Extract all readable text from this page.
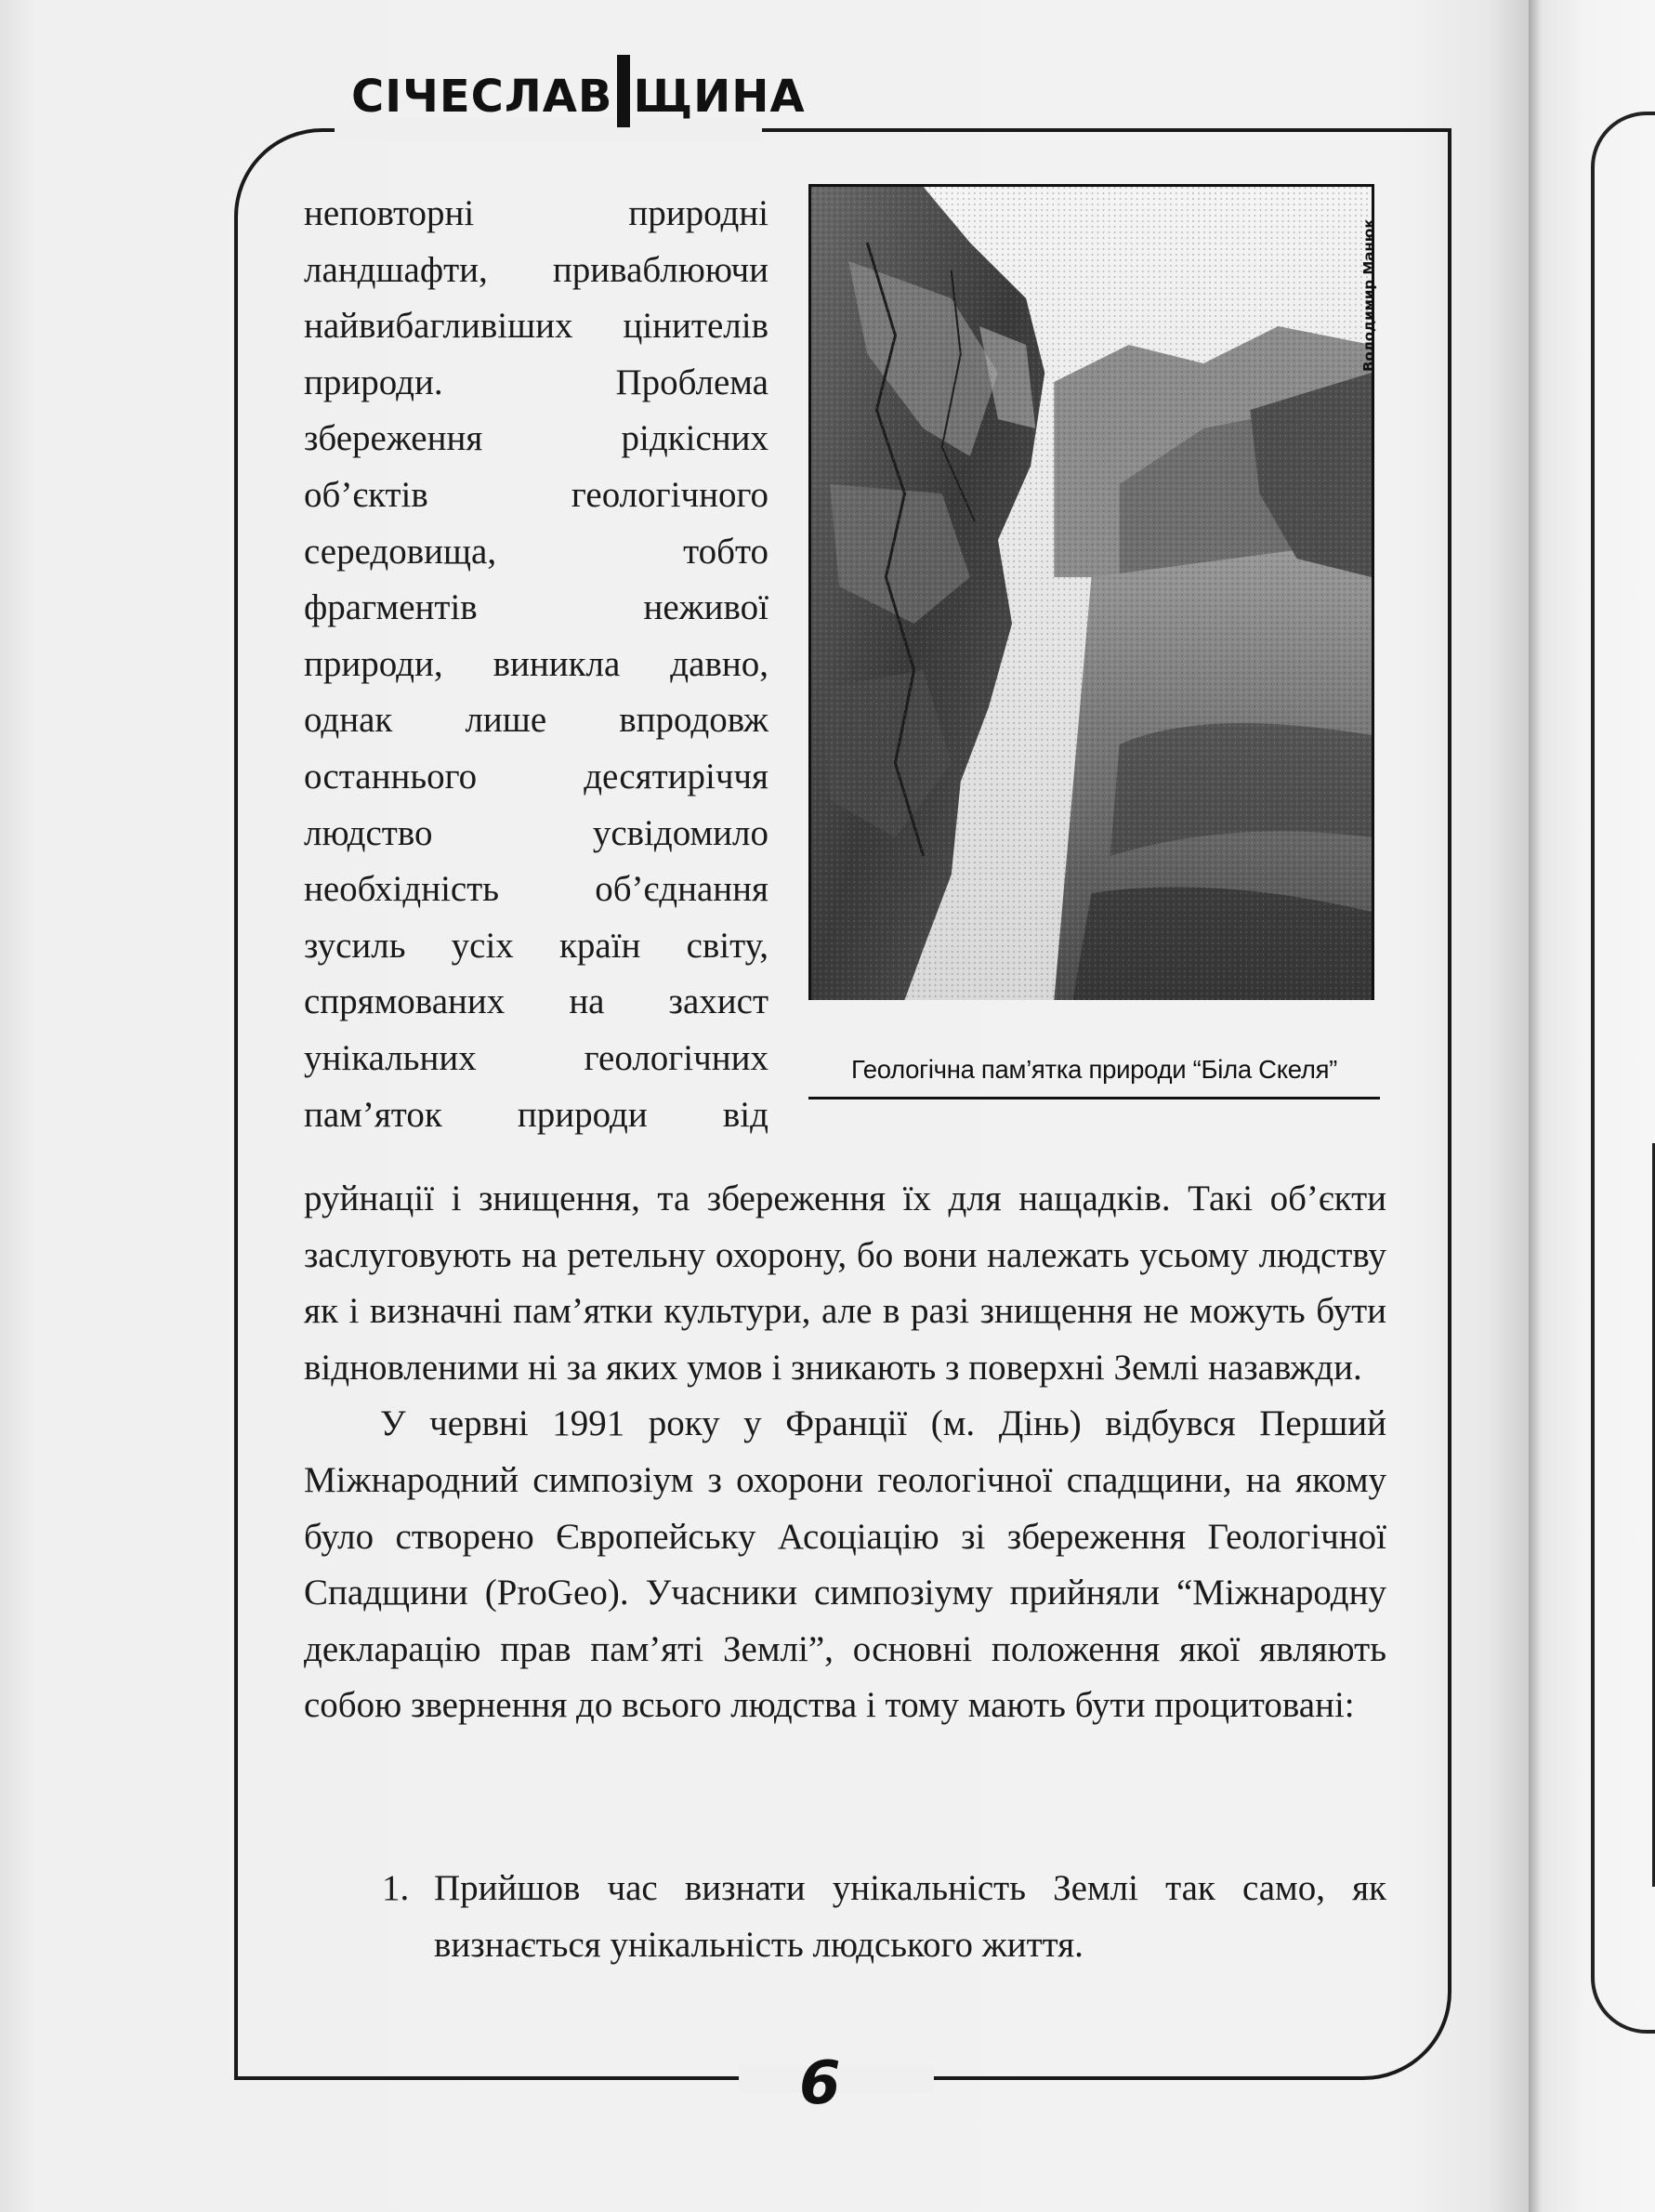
СІЧЕСЛАВ ЩИНА
Володимир Манюк
Геологічна пам’ятка природи “Біла Скеля”
неповторні природні
ландшафти, приваблюючи
найвибагливіших цінителів
природи. Проблема
збереження рідкісних
об’єктів геологічного
середовища, тобто
фрагментів неживої
природи, виникла давно,
однак лише впродовж
останнього десятиріччя
людство усвідомило
необхідність об’єднання
зусиль усіх країн світу,
спрямованих на захист
унікальних геологічних
пам’яток природи від

руйнації і знищення, та збереження їх для нащадків. Такі об’єкти заслуговують на ретельну охорону, бо вони належать усьому людству як і визначні пам’ятки культури, але в разі знищення не можуть бути відновленими ні за яких умов і зникають з поверхні Землі назавжди.

У червні 1991 року у Франції (м. Дінь) відбувся Перший Міжнародний симпозіум з охорони геологічної спадщини, на якому було створено Європейську Асоціацію зі збереження Геологічної Спадщини (ProGeo). Учасники симпозіуму прийняли “Міжнародну декларацію прав пам’яті Землі”, основні положення якої являють собою звернення до всього людства і тому мають бути процитовані:

1. Прийшов час визнати унікальність Землі так само, як визнається унікальність людського життя.
6
